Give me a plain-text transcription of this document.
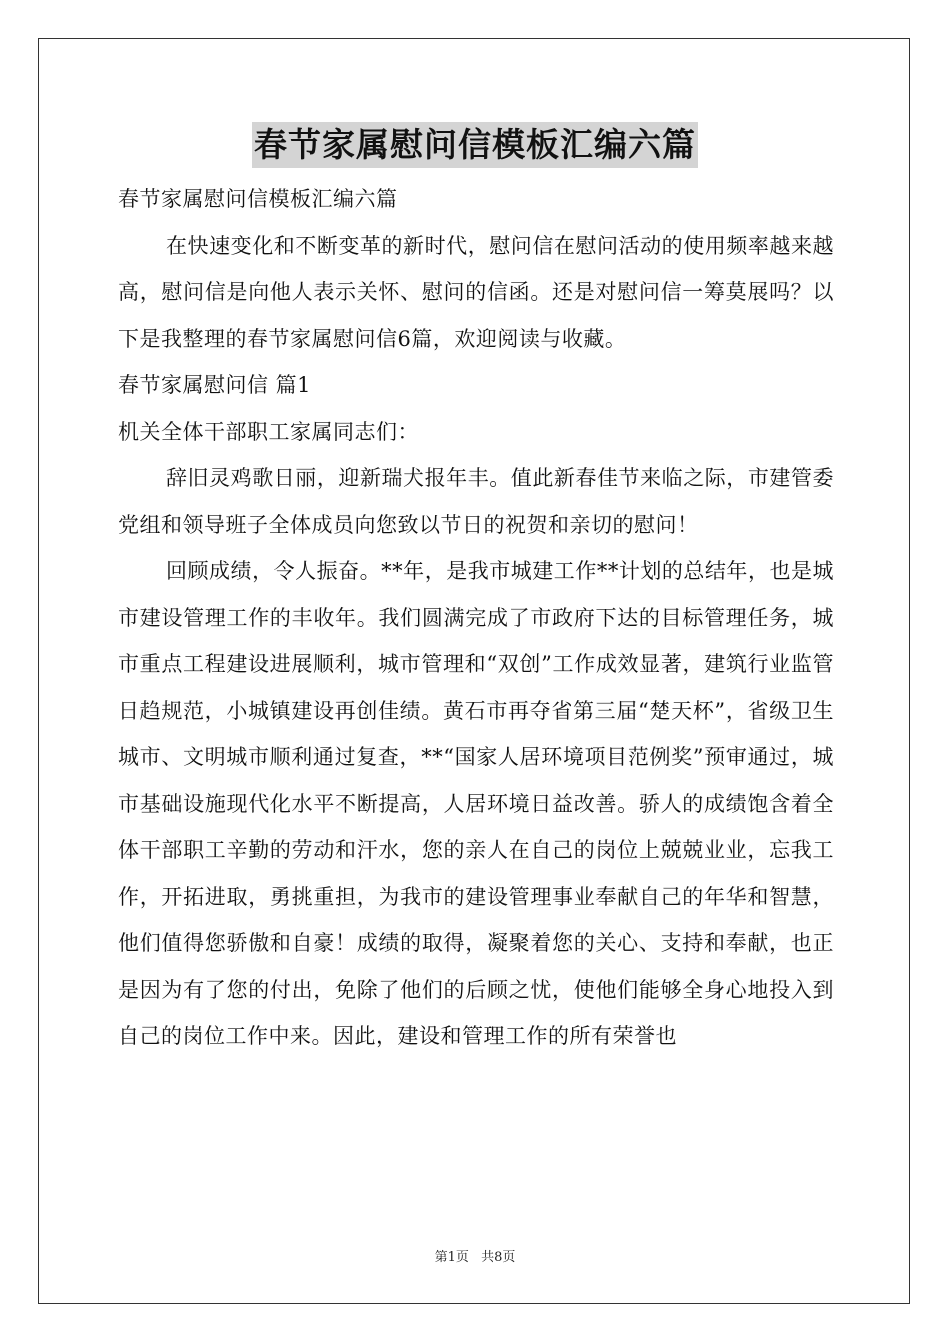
春节家属慰问信模板汇编六篇

春节家属慰问信模板汇编六篇

在快速变化和不断变革的新时代，慰问信在慰问活动的使用频率越来越高，慰问信是向他人表示关怀、慰问的信函。还是对慰问信一筹莫展吗？以下是我整理的春节家属慰问信6篇，欢迎阅读与收藏。

春节家属慰问信 篇1

机关全体干部职工家属同志们：

辞旧灵鸡歌日丽，迎新瑞犬报年丰。值此新春佳节来临之际，市建管委党组和领导班子全体成员向您致以节日的祝贺和亲切的慰问！

回顾成绩，令人振奋。**年，是我市城建工作**计划的总结年，也是城市建设管理工作的丰收年。我们圆满完成了市政府下达的目标管理任务，城市重点工程建设进展顺利，城市管理和“双创”工作成效显著，建筑行业监管日趋规范，小城镇建设再创佳绩。黄石市再夺省第三届“楚天杯”，省级卫生城市、文明城市顺利通过复查，**“国家人居环境项目范例奖”预审通过，城市基础设施现代化水平不断提高，人居环境日益改善。骄人的成绩饱含着全体干部职工辛勤的劳动和汗水，您的亲人在自己的岗位上兢兢业业，忘我工作，开拓进取，勇挑重担，为我市的建设管理事业奉献自己的年华和智慧，他们值得您骄傲和自豪！成绩的取得，凝聚着您的关心、支持和奉献，也正是因为有了您的付出，免除了他们的后顾之忧，使他们能够全身心地投入到自己的岗位工作中来。因此，建设和管理工作的所有荣誉也

第1页 共8页
